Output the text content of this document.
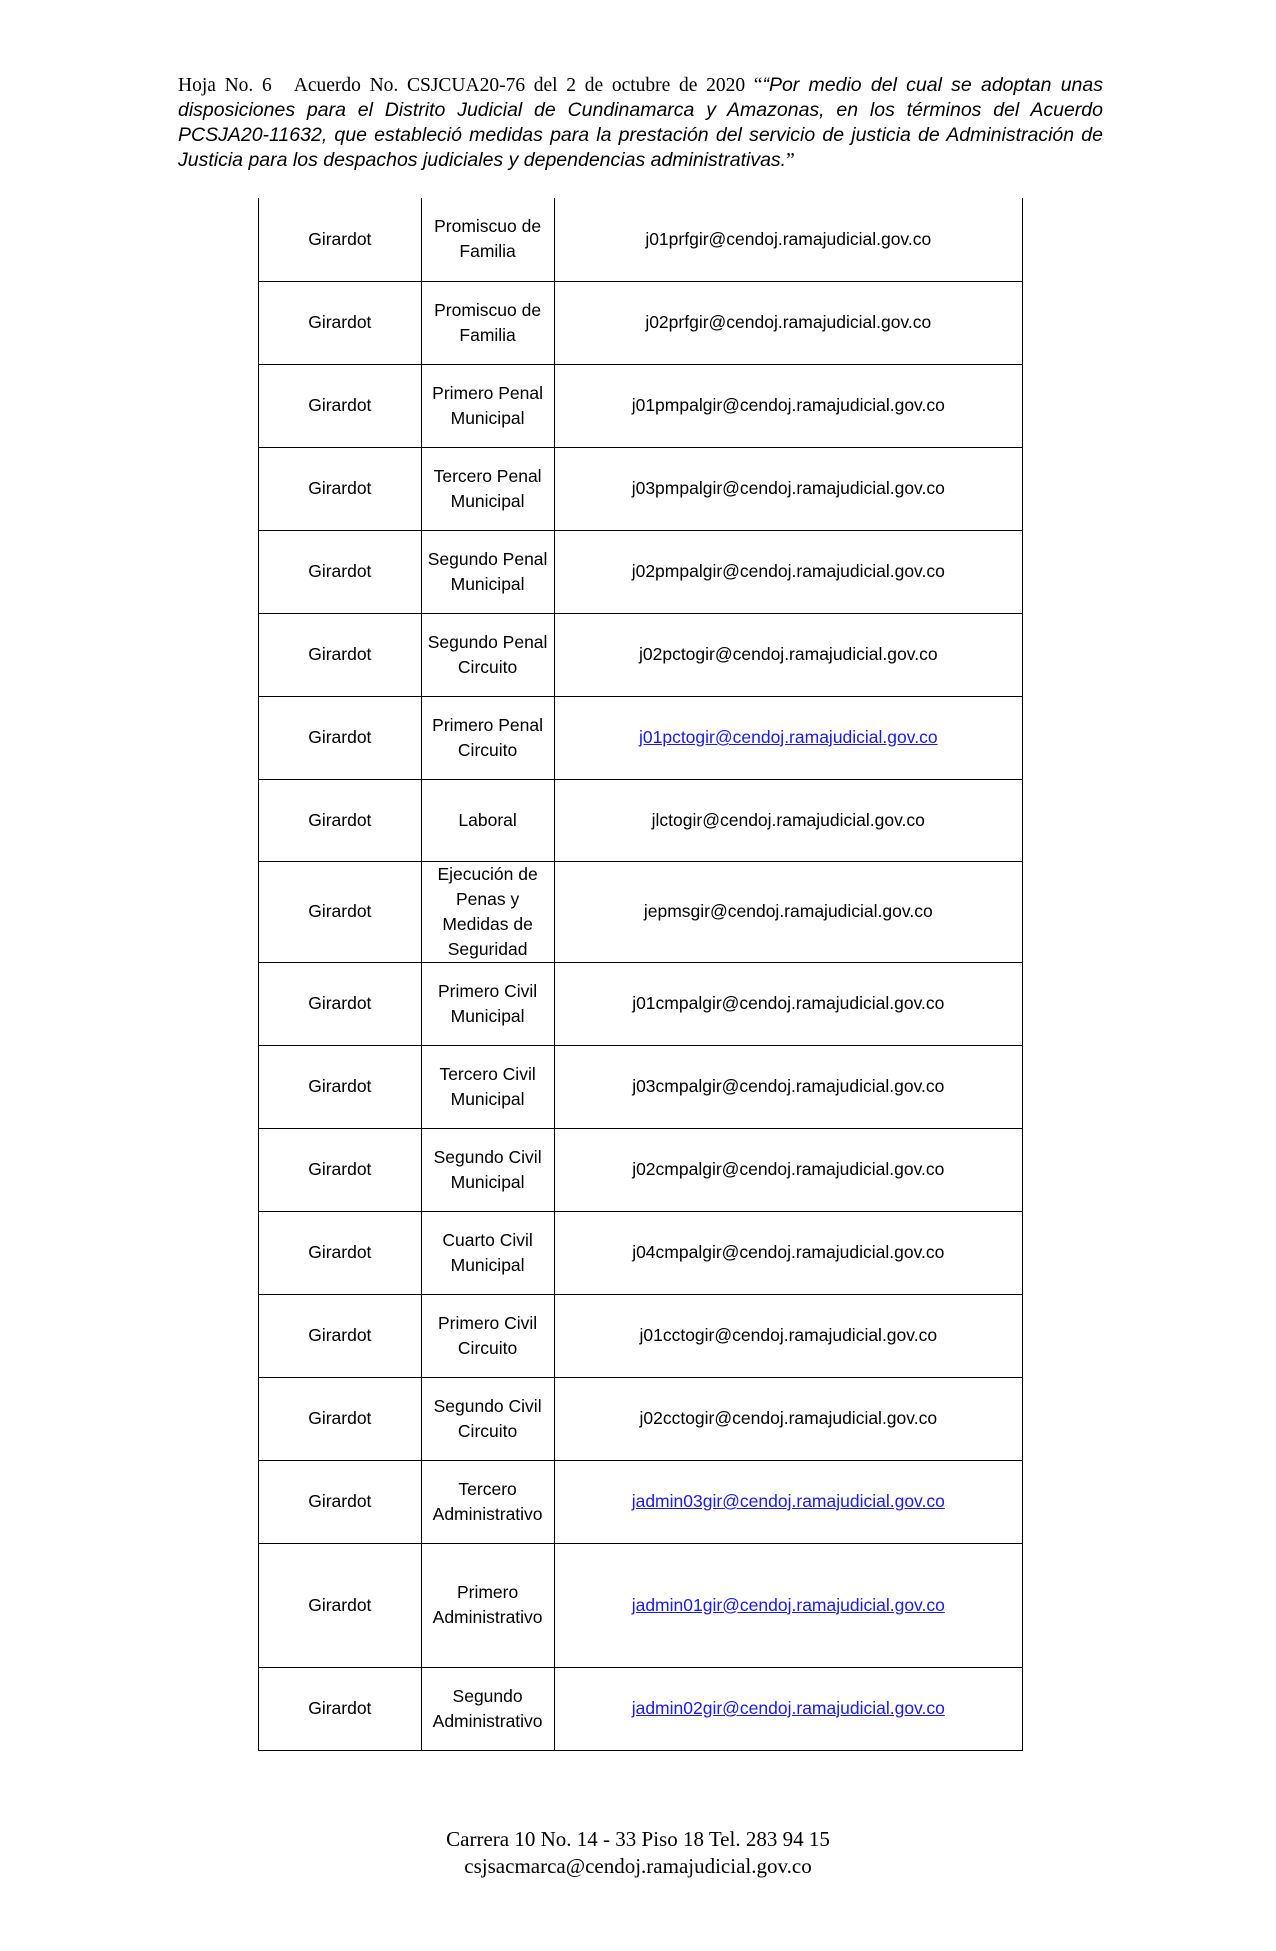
Hoja No. 6 Acuerdo No. CSJCUA20-76 del 2 de octubre de 2020 ““Por medio del cual se adoptan unas disposiciones para el Distrito Judicial de Cundinamarca y Amazonas, en los términos del Acuerdo PCSJA20-11632, que estableció medidas para la prestación del servicio de justicia de Administración de Justicia para los despachos judiciales y dependencias administrativas.”
Girardot	Promiscuo de Familia	j01prfgir@cendoj.ramajudicial.gov.co
Girardot	Promiscuo de Familia	j02prfgir@cendoj.ramajudicial.gov.co
Girardot	Primero Penal Municipal	j01pmpalgir@cendoj.ramajudicial.gov.co
Girardot	Tercero Penal Municipal	j03pmpalgir@cendoj.ramajudicial.gov.co
Girardot	Segundo Penal Municipal	j02pmpalgir@cendoj.ramajudicial.gov.co
Girardot	Segundo Penal Circuito	j02pctogir@cendoj.ramajudicial.gov.co
Girardot	Primero Penal Circuito	j01pctogir@cendoj.ramajudicial.gov.co
Girardot	Laboral	jlctogir@cendoj.ramajudicial.gov.co
Girardot	Ejecución de Penas y Medidas de Seguridad	jepmsgir@cendoj.ramajudicial.gov.co
Girardot	Primero Civil Municipal	j01cmpalgir@cendoj.ramajudicial.gov.co
Girardot	Tercero Civil Municipal	j03cmpalgir@cendoj.ramajudicial.gov.co
Girardot	Segundo Civil Municipal	j02cmpalgir@cendoj.ramajudicial.gov.co
Girardot	Cuarto Civil Municipal	j04cmpalgir@cendoj.ramajudicial.gov.co
Girardot	Primero Civil Circuito	j01cctogir@cendoj.ramajudicial.gov.co
Girardot	Segundo Civil Circuito	j02cctogir@cendoj.ramajudicial.gov.co
Girardot	Tercero Administrativo	jadmin03gir@cendoj.ramajudicial.gov.co
Girardot	Primero Administrativo	jadmin01gir@cendoj.ramajudicial.gov.co
Girardot	Segundo Administrativo	jadmin02gir@cendoj.ramajudicial.gov.co
Carrera 10 No. 14 - 33 Piso 18 Tel. 283 94 15
csjsacmarca@cendoj.ramajudicial.gov.co
